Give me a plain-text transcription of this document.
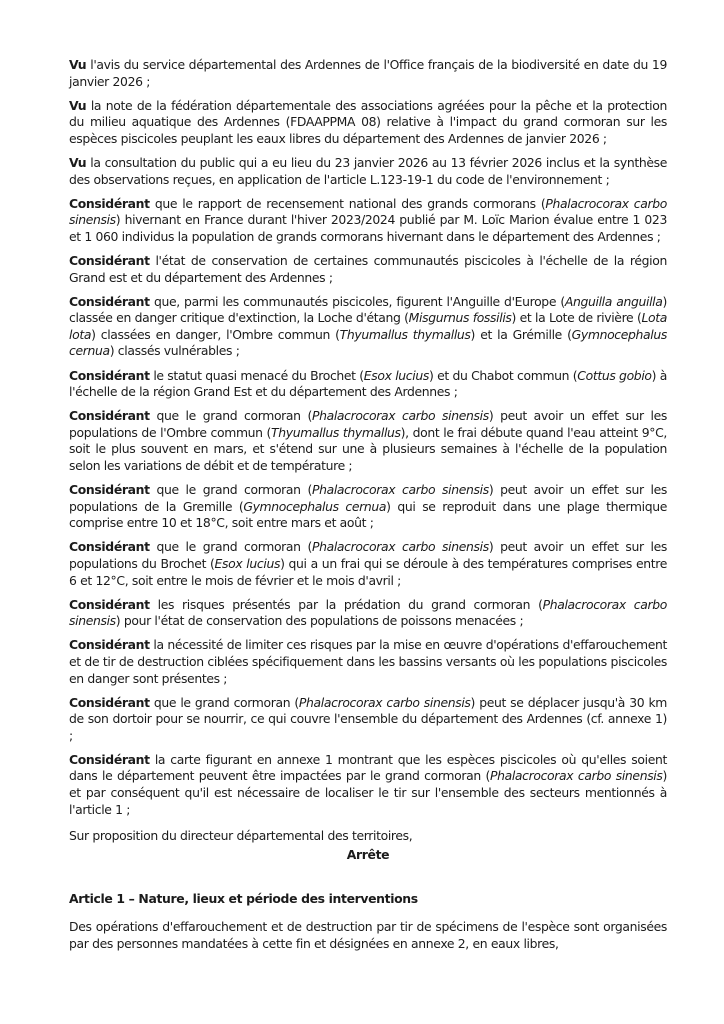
Vu l'avis du service départemental des Ardennes de l'Office français de la biodiversité en date du 19 janvier 2026 ;

Vu la note de la fédération départementale des associations agréées pour la pêche et la protection du milieu aquatique des Ardennes (FDAAPPMA 08) relative à l'impact du grand cormoran sur les espèces piscicoles peuplant les eaux libres du département des Ardennes de janvier 2026 ;

Vu la consultation du public qui a eu lieu du 23 janvier 2026 au 13 février 2026 inclus et la synthèse des observations reçues, en application de l'article L.123-19-1 du code de l'environnement ;

Considérant que le rapport de recensement national des grands cormorans (Phalacrocorax carbo sinensis) hivernant en France durant l'hiver 2023/2024 publié par M. Loïc Marion évalue entre 1 023 et 1 060 individus la population de grands cormorans hivernant dans le département des Ardennes ;

Considérant l'état de conservation de certaines communautés piscicoles à l'échelle de la région Grand est et du département des Ardennes ;

Considérant que, parmi les communautés piscicoles, figurent l'Anguille d'Europe (Anguilla anguilla) classée en danger critique d'extinction, la Loche d'étang (Misgurnus fossilis) et la Lote de rivière (Lota lota) classées en danger, l'Ombre commun (Thyumallus thymallus) et la Grémille (Gymnocephalus cernua) classés vulnérables ;

Considérant le statut quasi menacé du Brochet (Esox lucius) et du Chabot commun (Cottus gobio) à l'échelle de la région Grand Est et du département des Ardennes ;

Considérant que le grand cormoran (Phalacrocorax carbo sinensis) peut avoir un effet sur les populations de l'Ombre commun (Thyumallus thymallus), dont le frai débute quand l'eau atteint 9°C, soit le plus souvent en mars, et s'étend sur une à plusieurs semaines à l'échelle de la population selon les variations de débit et de température ;

Considérant que le grand cormoran (Phalacrocorax carbo sinensis) peut avoir un effet sur les populations de la Gremille (Gymnocephalus cernua) qui se reproduit dans une plage thermique comprise entre 10 et 18°C, soit entre mars et août ;

Considérant que le grand cormoran (Phalacrocorax carbo sinensis) peut avoir un effet sur les populations du Brochet (Esox lucius) qui a un frai qui se déroule à des températures comprises entre 6 et 12°C, soit entre le mois de février et le mois d'avril ;

Considérant les risques présentés par la prédation du grand cormoran (Phalacrocorax carbo sinensis) pour l'état de conservation des populations de poissons menacées ;

Considérant la nécessité de limiter ces risques par la mise en œuvre d'opérations d'effarouchement et de tir de destruction ciblées spécifiquement dans les bassins versants où les populations piscicoles en danger sont présentes ;

Considérant que le grand cormoran (Phalacrocorax carbo sinensis) peut se déplacer jusqu'à 30 km de son dortoir pour se nourrir, ce qui couvre l'ensemble du département des Ardennes (cf. annexe 1) ;

Considérant la carte figurant en annexe 1 montrant que les espèces piscicoles où qu'elles soient dans le département peuvent être impactées par le grand cormoran (Phalacrocorax carbo sinensis) et par conséquent qu'il est nécessaire de localiser le tir sur l'ensemble des secteurs mentionnés à l'article 1 ;

Sur proposition du directeur départemental des territoires,

Arrête

Article 1 – Nature, lieux et période des interventions

Des opérations d'effarouchement et de destruction par tir de spécimens de l'espèce sont organisées par des personnes mandatées à cette fin et désignées en annexe 2, en eaux libres,
